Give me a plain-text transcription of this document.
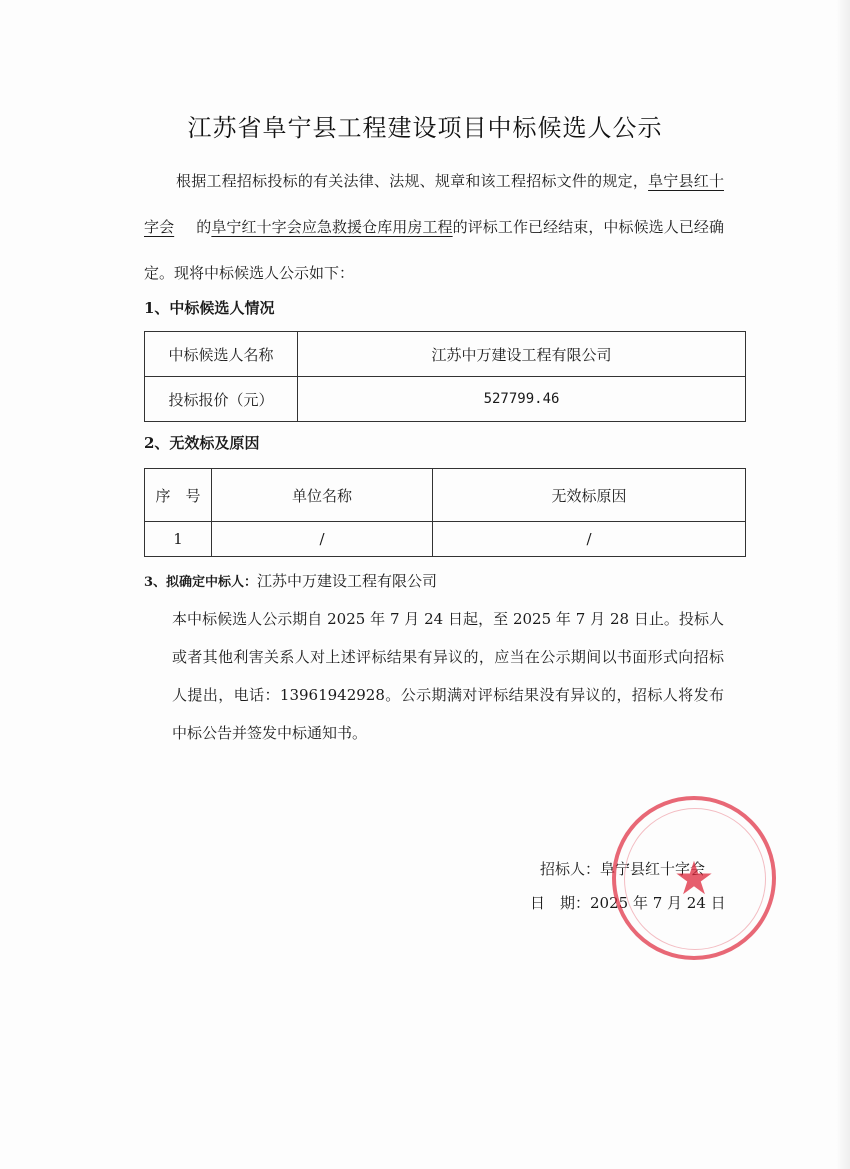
江苏省阜宁县工程建设项目中标候选人公示
根据工程招标投标的有关法律、法规、规章和该工程招标文件的规定，阜宁县红十字会 的阜宁红十字会应急救援仓库用房工程的评标工作已经结束，中标候选人已经确定。现将中标候选人公示如下：
1、中标候选人情况
中标候选人名称	江苏中万建设工程有限公司
投标报价（元）	527799.46
2、无效标及原因
序　号	单位名称	无效标原因
1	/	/
3、拟确定中标人：江苏中万建设工程有限公司
本中标候选人公示期自 2025 年 7 月 24 日起，至 2025 年 7 月 28 日止。投标人或者其他利害关系人对上述评标结果有异议的，应当在公示期间以书面形式向招标人提出，电话：13961942928。公示期满对评标结果没有异议的，招标人将发布中标公告并签发中标通知书。
招标人：阜宁县红十字会
日　期：2025 年 7 月 24 日
★
